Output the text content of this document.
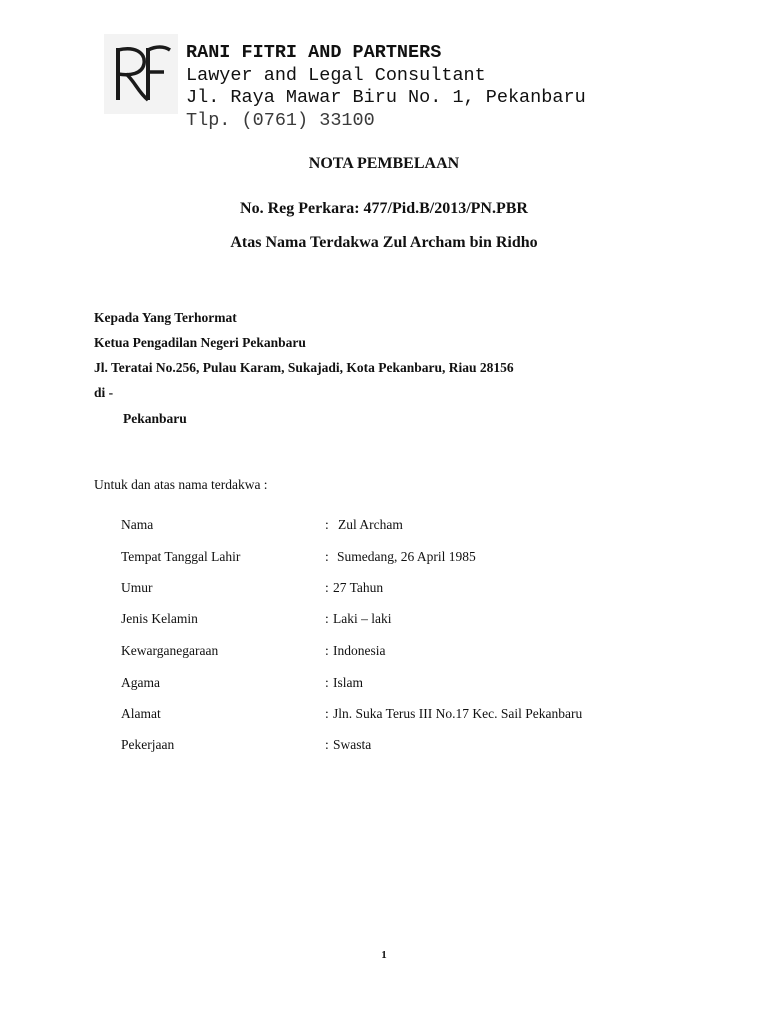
RANI FITRI AND PARTNERS
Lawyer and Legal Consultant
Jl. Raya Mawar Biru No. 1, Pekanbaru
Tlp. (0761) 33100
NOTA PEMBELAAN
No. Reg Perkara: 477/Pid.B/2013/PN.PBR
Atas Nama Terdakwa Zul Archam bin Ridho
Kepada Yang Terhormat
Ketua Pengadilan Negeri Pekanbaru
Jl. Teratai No.256, Pulau Karam, Sukajadi, Kota Pekanbaru, Riau 28156
di -
Pekanbaru
Untuk dan atas nama terdakwa :
Nama	: Zul Archam
Tempat Tanggal Lahir	: Sumedang, 26 April 1985
Umur	: 27 Tahun
Jenis Kelamin	: Laki – laki
Kewarganegaraan	: Indonesia
Agama	: Islam
Alamat	: Jln. Suka Terus III No.17 Kec. Sail Pekanbaru
Pekerjaan	: Swasta
1
